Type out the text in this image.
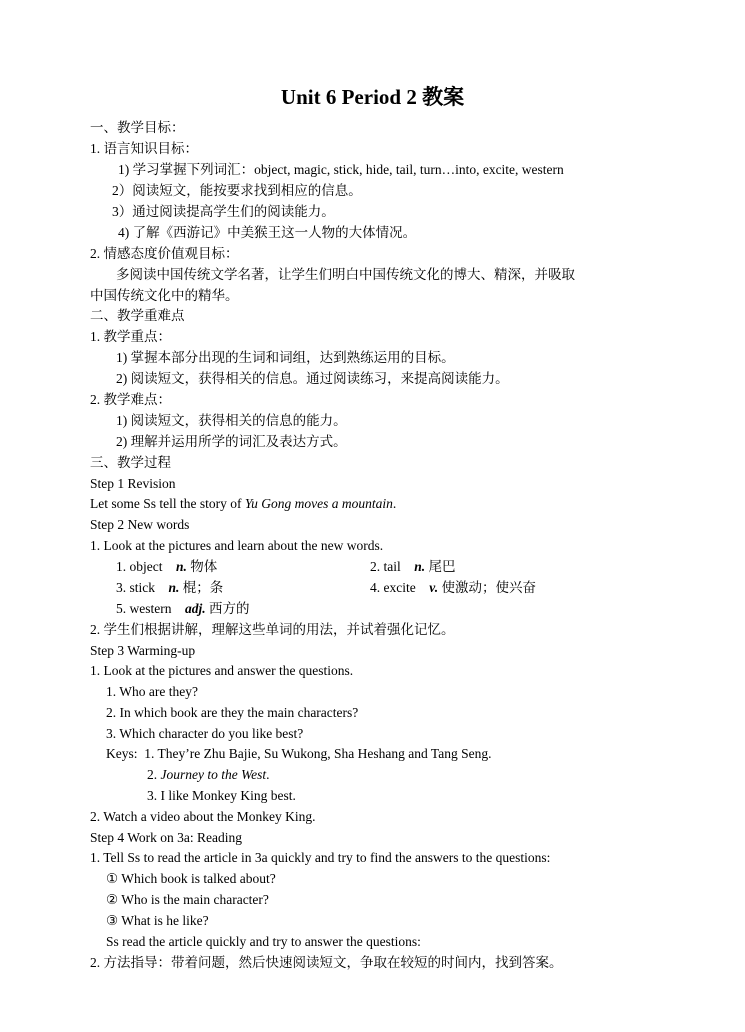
Unit 6 Period 2 教案
一、教学目标：
1. 语言知识目标：
1) 学习掌握下列词汇：object, magic, stick, hide, tail, turn…into, excite, western
2）阅读短文，能按要求找到相应的信息。
3）通过阅读提高学生们的阅读能力。
4) 了解《西游记》中美猴王这一人物的大体情况。
2. 情感态度价值观目标：
多阅读中国传统文学名著，让学生们明白中国传统文化的博大、精深，并吸取
中国传统文化中的精华。
二、教学重难点
1. 教学重点：
1) 掌握本部分出现的生词和词组，达到熟练运用的目标。
2) 阅读短文，获得相关的信息。通过阅读练习，来提高阅读能力。
2. 教学难点：
1) 阅读短文，获得相关的信息的能力。
2) 理解并运用所学的词汇及表达方式。
三、教学过程
Step 1 Revision
Let some Ss tell the story of Yu Gong moves a mountain.
Step 2 New words
1. Look at the pictures and learn about the new words.
1. object n. 物体	2. tail n. 尾巴
3. stick n. 棍；条	4. excite v. 使激动；使兴奋
5. western adj. 西方的
2. 学生们根据讲解，理解这些单词的用法，并试着强化记忆。
Step 3 Warming-up
1. Look at the pictures and answer the questions.
1. Who are they?
2. In which book are they the main characters?
3. Which character do you like best?
Keys: 1. They’re Zhu Bajie, Su Wukong, Sha Heshang and Tang Seng.
2. Journey to the West.
3. I like Monkey King best.
2. Watch a video about the Monkey King.
Step 4 Work on 3a: Reading
1. Tell Ss to read the article in 3a quickly and try to find the answers to the questions:
① Which book is talked about?
② Who is the main character?
③ What is he like?
Ss read the article quickly and try to answer the questions:
2. 方法指导：带着问题，然后快速阅读短文，争取在较短的时间内，找到答案。
